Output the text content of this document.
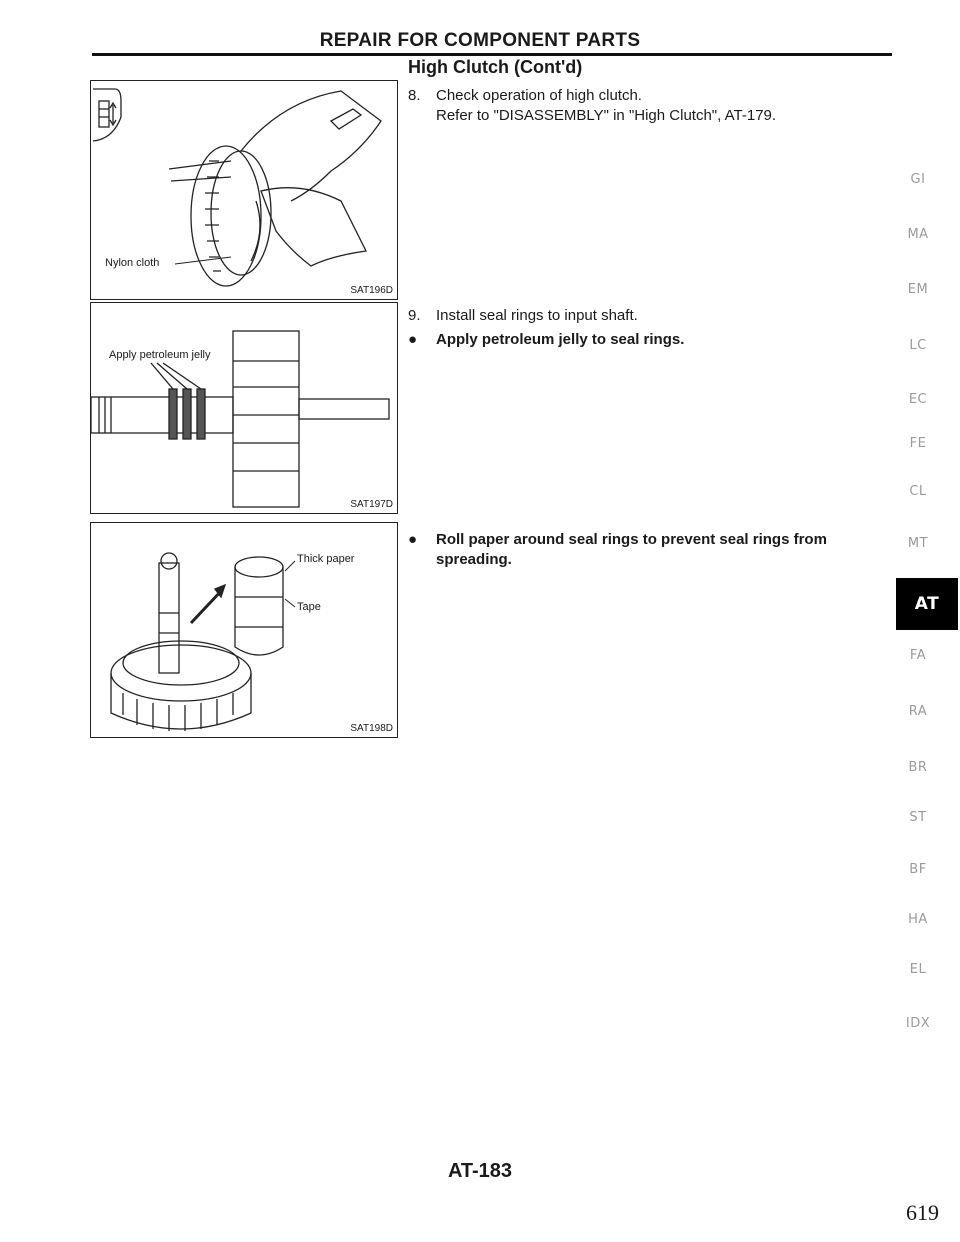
REPAIR FOR COMPONENT PARTS
High Clutch (Cont'd)
Nylon cloth
SAT196D
Apply petroleum jelly
SAT197D
Thick paper
Tape
SAT198D
8. Check operation of high clutch.
Refer to "DISASSEMBLY" in "High Clutch", AT-179.
9. Install seal rings to input shaft.
● Apply petroleum jelly to seal rings.
● Roll paper around seal rings to prevent seal rings from spreading.
GI
MA
EM
LC
EC
FE
CL
MT
AT
FA
RA
BR
ST
BF
HA
EL
IDX
AT-183
619
